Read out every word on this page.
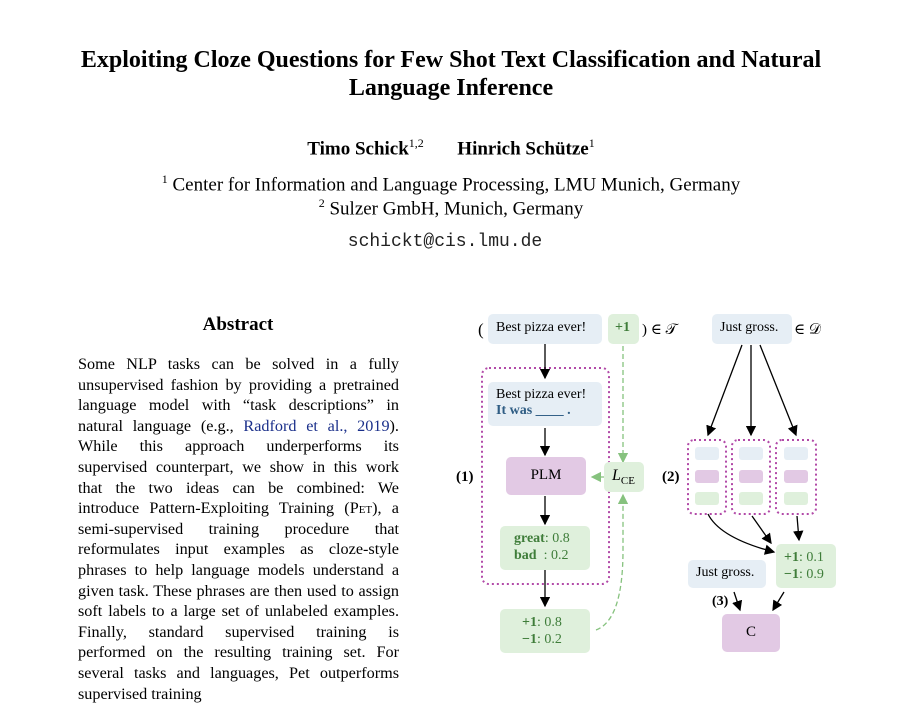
Exploiting Cloze Questions for Few Shot Text Classification and Natural Language Inference
Timo Schick$^{1,2}$ Hinrich Schütze$^1$
$^1$ Center for Information and Language Processing, LMU Munich, Germany
$^2$ Sulzer GmbH, Munich, Germany
schickt@cis.lmu.de
Abstract
Some NLP tasks can be solved in a fully unsupervised fashion by providing a pretrained language model with “task descriptions” in natural language (e.g., Radford et al., 2019). While this approach underperforms its supervised counterpart, we show in this work that the two ideas can be combined: We introduce Pattern-Exploiting Training (Pet), a semi-supervised training procedure that reformulates input examples as cloze-style phrases to help language models understand a given task. These phrases are then used to assign soft labels to a large set of unlabeled examples. Finally, standard supervised training is performed on the resulting training set. For several tasks and languages, Pet outperforms supervised training
( Best pizza ever!	+1 ) ∈ 𝒯
Best pizza ever!
It was ____ .
(1)	PLM	$L_{CE}$
great: 0.8
bad : 0.2
+1: 0.8
−1: 0.2
Just gross.	∈ 𝒟
(2)
+1: 0.1
−1: 0.9
Just gross.
(3)
C
